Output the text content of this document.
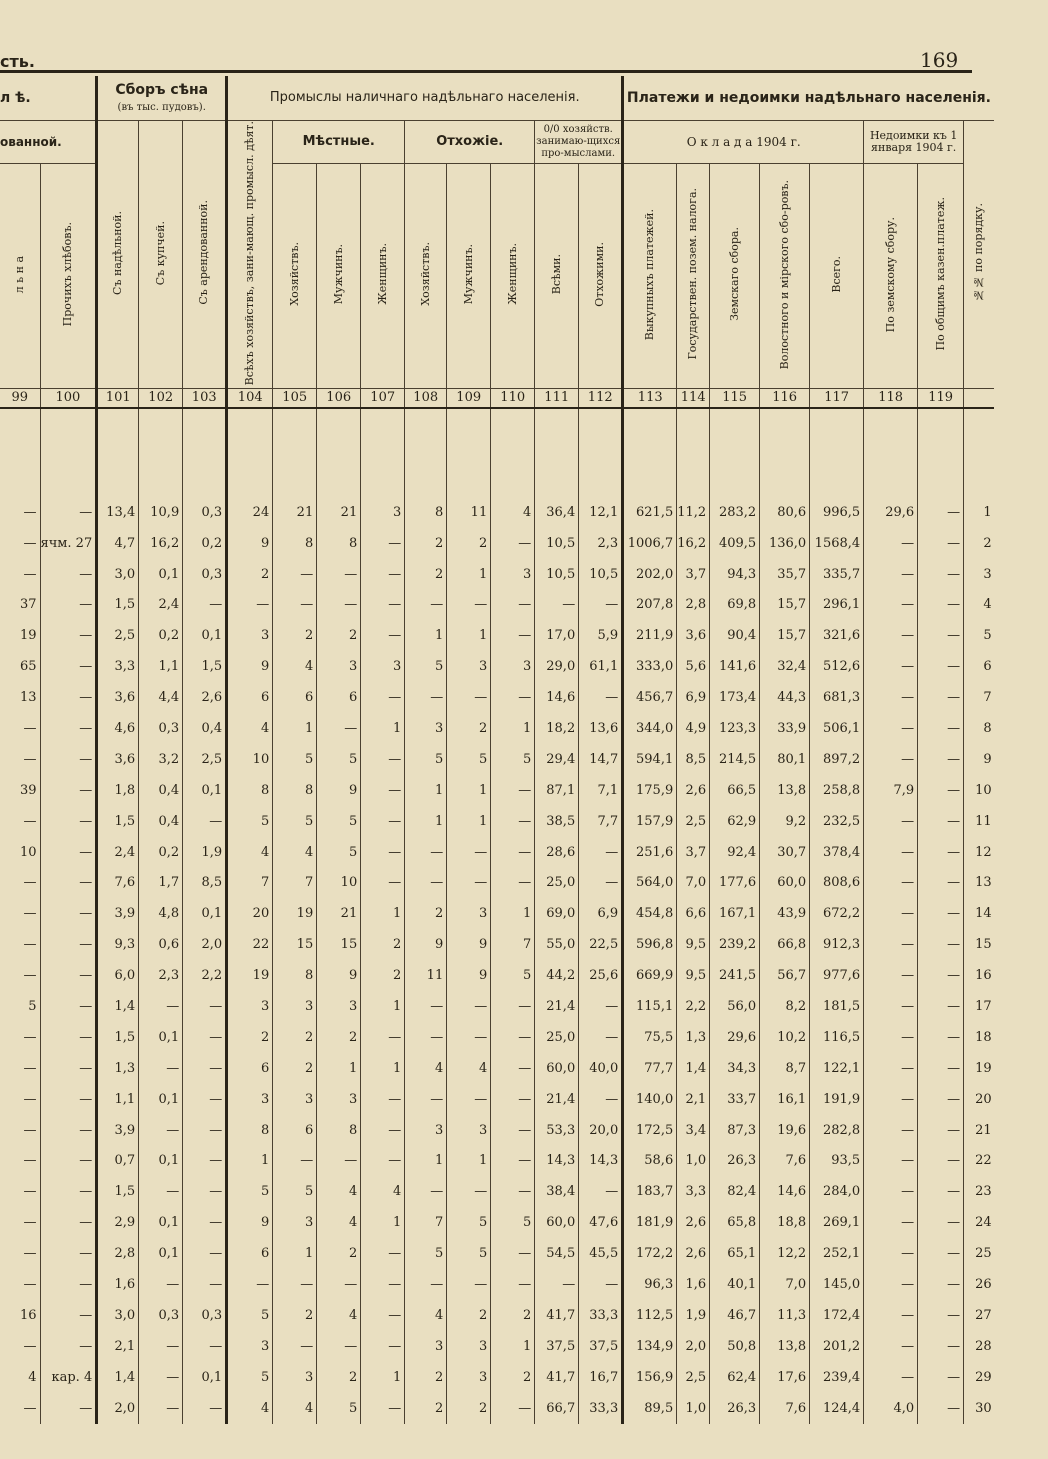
сть.	169
л ѣ.		Сборъ сѣна
(въ тыс. пудовъ).			Промыслы наличнаго надѣльнаго населенія.									Платежи и недоимки надѣльнаго населенія.							
ованной.		Съ надѣльной.	Съ купчей.	Съ арендованной.	Всѣхъ хозяйствъ, зани-мающ. промысл. дѣят.	Мѣстные.			Отхожіе.			0/0 хозяйств. занимаю-щихся про-мыслами.		О к л а д а 1904 г.					Недоимки къ 1 января 1904 г.		№№ по порядку.
л ь н а	Прочихъ хлѣбовъ.					Хозяйствъ.	Мужчинъ.	Женщинъ.	Хозяйствъ.	Мужчинъ.	Женщинъ.	Всѣми.	Отхожими.	Выкупныхъ платежей.	Государствен. позем. налога.	Земскаго сбора.	Волостного и мірского сбо-ровъ.	Всего.	По земскому сбору.	По общимъ казен.платеж.	
99	100	101	102	103	104	105	106	107	108	109	110	111	112	113	114	115	116	117	118	119	

—	—	13,4	10,9	0,3	24	21	21	3	8	11	4	36,4	12,1	621,5	11,2	283,2	80,6	996,5	29,6	—	1
—	ячм. 27	4,7	16,2	0,2	9	8	8	—	2	2	—	10,5	2,3	1006,7	16,2	409,5	136,0	1568,4	—	—	2
—	—	3,0	0,1	0,3	2	—	—	—	2	1	3	10,5	10,5	202,0	3,7	94,3	35,7	335,7	—	—	3
37	—	1,5	2,4	—	—	—	—	—	—	—	—	—	—	207,8	2,8	69,8	15,7	296,1	—	—	4
19	—	2,5	0,2	0,1	3	2	2	—	1	1	—	17,0	5,9	211,9	3,6	90,4	15,7	321,6	—	—	5
65	—	3,3	1,1	1,5	9	4	3	3	5	3	3	29,0	61,1	333,0	5,6	141,6	32,4	512,6	—	—	6
13	—	3,6	4,4	2,6	6	6	6	—	—	—	—	14,6	—	456,7	6,9	173,4	44,3	681,3	—	—	7
—	—	4,6	0,3	0,4	4	1	—	1	3	2	1	18,2	13,6	344,0	4,9	123,3	33,9	506,1	—	—	8
—	—	3,6	3,2	2,5	10	5	5	—	5	5	5	29,4	14,7	594,1	8,5	214,5	80,1	897,2	—	—	9
39	—	1,8	0,4	0,1	8	8	9	—	1	1	—	87,1	7,1	175,9	2,6	66,5	13,8	258,8	7,9	—	10
—	—	1,5	0,4	—	5	5	5	—	1	1	—	38,5	7,7	157,9	2,5	62,9	9,2	232,5	—	—	11
10	—	2,4	0,2	1,9	4	4	5	—	—	—	—	28,6	—	251,6	3,7	92,4	30,7	378,4	—	—	12
—	—	7,6	1,7	8,5	7	7	10	—	—	—	—	25,0	—	564,0	7,0	177,6	60,0	808,6	—	—	13
—	—	3,9	4,8	0,1	20	19	21	1	2	3	1	69,0	6,9	454,8	6,6	167,1	43,9	672,2	—	—	14
—	—	9,3	0,6	2,0	22	15	15	2	9	9	7	55,0	22,5	596,8	9,5	239,2	66,8	912,3	—	—	15
—	—	6,0	2,3	2,2	19	8	9	2	11	9	5	44,2	25,6	669,9	9,5	241,5	56,7	977,6	—	—	16
5	—	1,4	—	—	3	3	3	1	—	—	—	21,4	—	115,1	2,2	56,0	8,2	181,5	—	—	17
—	—	1,5	0,1	—	2	2	2	—	—	—	—	25,0	—	75,5	1,3	29,6	10,2	116,5	—	—	18
—	—	1,3	—	—	6	2	1	1	4	4	—	60,0	40,0	77,7	1,4	34,3	8,7	122,1	—	—	19
—	—	1,1	0,1	—	3	3	3	—	—	—	—	21,4	—	140,0	2,1	33,7	16,1	191,9	—	—	20
—	—	3,9	—	—	8	6	8	—	3	3	—	53,3	20,0	172,5	3,4	87,3	19,6	282,8	—	—	21
—	—	0,7	0,1	—	1	—	—	—	1	1	—	14,3	14,3	58,6	1,0	26,3	7,6	93,5	—	—	22
—	—	1,5	—	—	5	5	4	4	—	—	—	38,4	—	183,7	3,3	82,4	14,6	284,0	—	—	23
—	—	2,9	0,1	—	9	3	4	1	7	5	5	60,0	47,6	181,9	2,6	65,8	18,8	269,1	—	—	24
—	—	2,8	0,1	—	6	1	2	—	5	5	—	54,5	45,5	172,2	2,6	65,1	12,2	252,1	—	—	25
—	—	1,6	—	—	—	—	—	—	—	—	—	—	—	96,3	1,6	40,1	7,0	145,0	—	—	26
16	—	3,0	0,3	0,3	5	2	4	—	4	2	2	41,7	33,3	112,5	1,9	46,7	11,3	172,4	—	—	27
—	—	2,1	—	—	3	—	—	—	3	3	1	37,5	37,5	134,9	2,0	50,8	13,8	201,2	—	—	28
4	кар. 4	1,4	—	0,1	5	3	2	1	2	3	2	41,7	16,7	156,9	2,5	62,4	17,6	239,4	—	—	29
—	—	2,0	—	—	4	4	5	—	2	2	—	66,7	33,3	89,5	1,0	26,3	7,6	124,4	4,0	—	30
